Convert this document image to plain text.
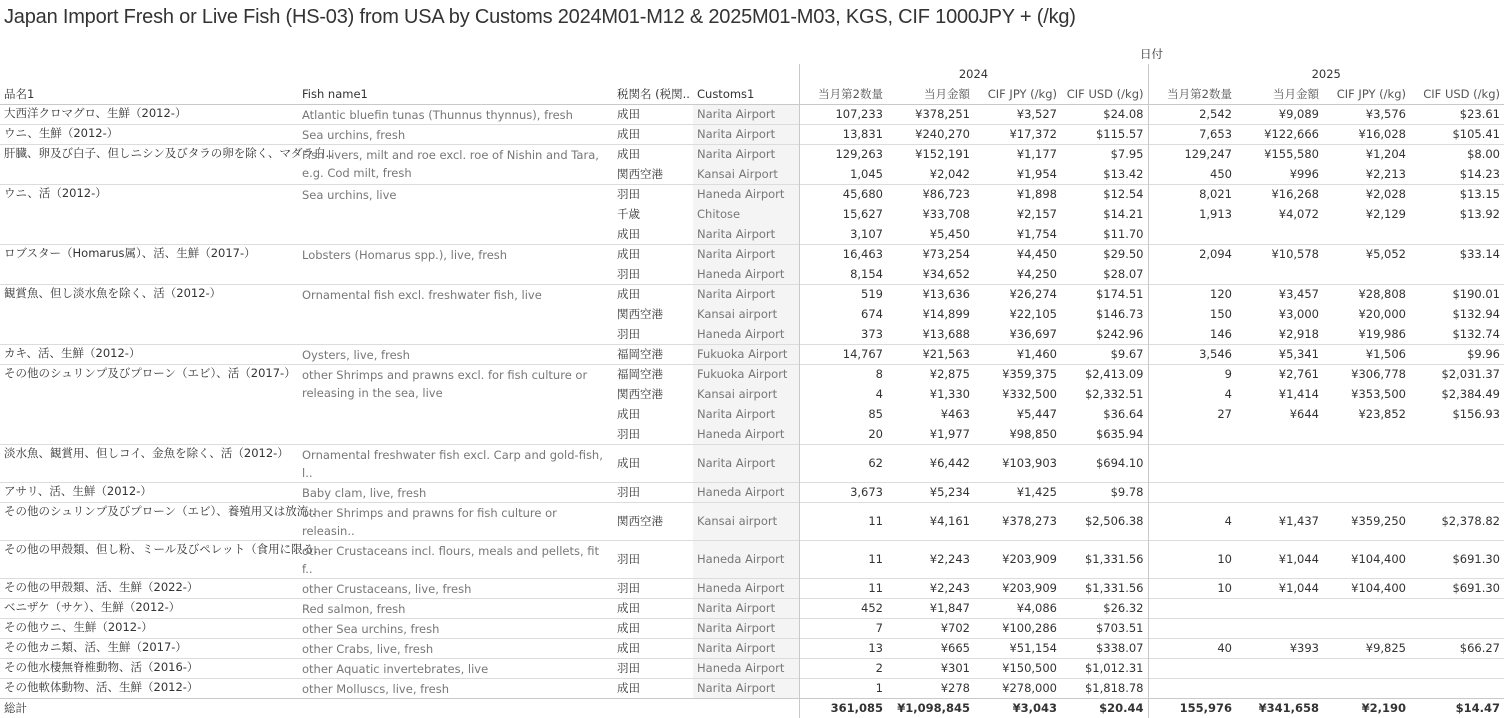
Japan Import Fresh or Live Fish (HS-03) from USA by Customs 2024M01-M12 & 2025M01-M03, KGS, CIF 1000JPY + (/kg)
				日付							
				2024				2025			
品名1	Fish name1	税関名 (税関..	Customs1	当月第2数量	当月金額	CIF JPY (/kg)	CIF USD (/kg)	当月第2数量	当月金額	CIF JPY (/kg)	CIF USD (/kg)
大西洋クロマグロ、生鮮（2012-）	Atlantic bluefin tunas (Thunnus thynnus), fresh	成田	Narita Airport	107,233	¥378,251	¥3,527	$24.08	2,542	¥9,089	¥3,576	$23.61
ウニ、生鮮（2012-）	Sea urchins, fresh	成田	Narita Airport	13,831	¥240,270	¥17,372	$115.57	7,653	¥122,666	¥16,028	$105.41
肝臓、卵及び白子、但しニシン及びタラの卵を除く、マダラ白..	Fish livers, milt and roe excl. roe of Nishin and Tara, e.g. Cod milt, fresh	成田	Narita Airport	129,263	¥152,191	¥1,177	$7.95	129,247	¥155,580	¥1,204	$8.00
		関西空港	Kansai Airport	1,045	¥2,042	¥1,954	$13.42	450	¥996	¥2,213	$14.23
ウニ、活（2012-）	Sea urchins, live	羽田	Haneda Airport	45,680	¥86,723	¥1,898	$12.54	8,021	¥16,268	¥2,028	$13.15
		千歳	Chitose	15,627	¥33,708	¥2,157	$14.21	1,913	¥4,072	¥2,129	$13.92
		成田	Narita Airport	3,107	¥5,450	¥1,754	$11.70				
ロブスター（Homarus属）、活、生鮮（2017-）	Lobsters (Homarus spp.), live, fresh	成田	Narita Airport	16,463	¥73,254	¥4,450	$29.50	2,094	¥10,578	¥5,052	$33.14
		羽田	Haneda Airport	8,154	¥34,652	¥4,250	$28.07				
観賞魚、但し淡水魚を除く、活（2012-）	Ornamental fish excl. freshwater fish, live	成田	Narita Airport	519	¥13,636	¥26,274	$174.51	120	¥3,457	¥28,808	$190.01
		関西空港	Kansai airport	674	¥14,899	¥22,105	$146.73	150	¥3,000	¥20,000	$132.94
		羽田	Haneda Airport	373	¥13,688	¥36,697	$242.96	146	¥2,918	¥19,986	$132.74
カキ、活、生鮮（2012-）	Oysters, live, fresh	福岡空港	Fukuoka Airport	14,767	¥21,563	¥1,460	$9.67	3,546	¥5,341	¥1,506	$9.96
その他のシュリンプ及びプローン（エビ）、活（2017-）	other Shrimps and prawns excl. for fish culture or releasing in the sea, live	福岡空港	Fukuoka Airport	8	¥2,875	¥359,375	$2,413.09	9	¥2,761	¥306,778	$2,031.37
		関西空港	Kansai airport	4	¥1,330	¥332,500	$2,332.51	4	¥1,414	¥353,500	$2,384.49
		成田	Narita Airport	85	¥463	¥5,447	$36.64	27	¥644	¥23,852	$156.93
		羽田	Haneda Airport	20	¥1,977	¥98,850	$635.94				
淡水魚、観賞用、但しコイ、金魚を除く、活（2012-）	Ornamental freshwater fish excl. Carp and gold-fish, l..	成田	Narita Airport	62	¥6,442	¥103,903	$694.10				
アサリ、活、生鮮（2012-）	Baby clam, live, fresh	羽田	Haneda Airport	3,673	¥5,234	¥1,425	$9.78				
その他のシュリンプ及びプローン（エビ）、養殖用又は放流..	other Shrimps and prawns for fish culture or releasin..	関西空港	Kansai airport	11	¥4,161	¥378,273	$2,506.38	4	¥1,437	¥359,250	$2,378.82
その他の甲殻類、但し粉、ミール及びペレット（食用に限る..	other Crustaceans incl. flours, meals and pellets, fit f..	羽田	Haneda Airport	11	¥2,243	¥203,909	$1,331.56	10	¥1,044	¥104,400	$691.30
その他の甲殻類、活、生鮮（2022-）	other Crustaceans, live, fresh	羽田	Haneda Airport	11	¥2,243	¥203,909	$1,331.56	10	¥1,044	¥104,400	$691.30
ベニザケ（サケ）、生鮮（2012-）	Red salmon, fresh	成田	Narita Airport	452	¥1,847	¥4,086	$26.32				
その他ウニ、生鮮（2012-）	other Sea urchins, fresh	成田	Narita Airport	7	¥702	¥100,286	$703.51				
その他カニ類、活、生鮮（2017-）	other Crabs, live, fresh	成田	Narita Airport	13	¥665	¥51,154	$338.07	40	¥393	¥9,825	$66.27
その他水棲無脊椎動物、活（2016-）	other Aquatic invertebrates, live	羽田	Haneda Airport	2	¥301	¥150,500	$1,012.31				
その他軟体動物、活、生鮮（2012-）	other Molluscs, live, fresh	成田	Narita Airport	1	¥278	¥278,000	$1,818.78				
総計				361,085	¥1,098,845	¥3,043	$20.44	155,976	¥341,658	¥2,190	$14.47
